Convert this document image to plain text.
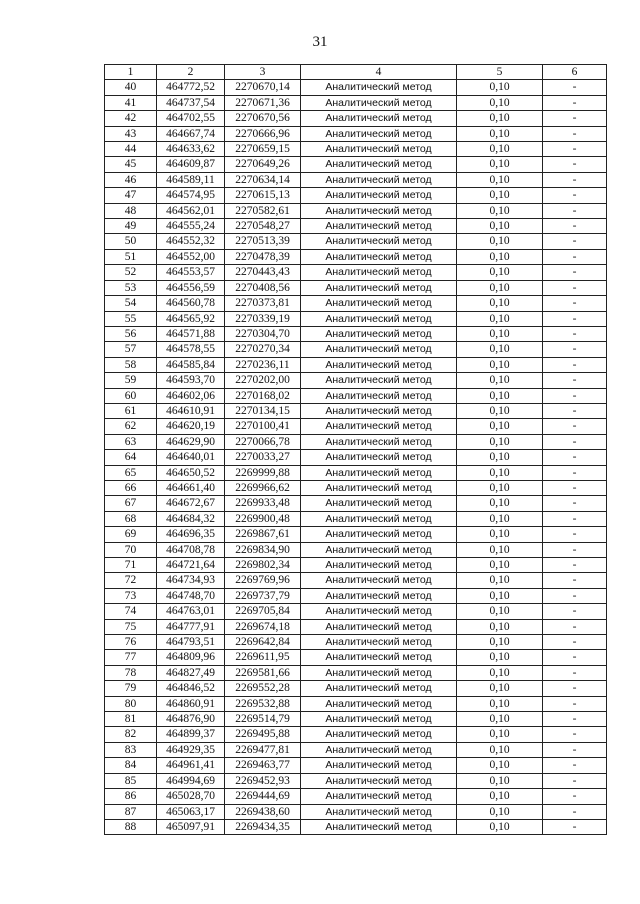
31
1	2	3	4	5	6
40	464772,52	2270670,14	Аналитический метод	0,10	-
41	464737,54	2270671,36	Аналитический метод	0,10	-
42	464702,55	2270670,56	Аналитический метод	0,10	-
43	464667,74	2270666,96	Аналитический метод	0,10	-
44	464633,62	2270659,15	Аналитический метод	0,10	-
45	464609,87	2270649,26	Аналитический метод	0,10	-
46	464589,11	2270634,14	Аналитический метод	0,10	-
47	464574,95	2270615,13	Аналитический метод	0,10	-
48	464562,01	2270582,61	Аналитический метод	0,10	-
49	464555,24	2270548,27	Аналитический метод	0,10	-
50	464552,32	2270513,39	Аналитический метод	0,10	-
51	464552,00	2270478,39	Аналитический метод	0,10	-
52	464553,57	2270443,43	Аналитический метод	0,10	-
53	464556,59	2270408,56	Аналитический метод	0,10	-
54	464560,78	2270373,81	Аналитический метод	0,10	-
55	464565,92	2270339,19	Аналитический метод	0,10	-
56	464571,88	2270304,70	Аналитический метод	0,10	-
57	464578,55	2270270,34	Аналитический метод	0,10	-
58	464585,84	2270236,11	Аналитический метод	0,10	-
59	464593,70	2270202,00	Аналитический метод	0,10	-
60	464602,06	2270168,02	Аналитический метод	0,10	-
61	464610,91	2270134,15	Аналитический метод	0,10	-
62	464620,19	2270100,41	Аналитический метод	0,10	-
63	464629,90	2270066,78	Аналитический метод	0,10	-
64	464640,01	2270033,27	Аналитический метод	0,10	-
65	464650,52	2269999,88	Аналитический метод	0,10	-
66	464661,40	2269966,62	Аналитический метод	0,10	-
67	464672,67	2269933,48	Аналитический метод	0,10	-
68	464684,32	2269900,48	Аналитический метод	0,10	-
69	464696,35	2269867,61	Аналитический метод	0,10	-
70	464708,78	2269834,90	Аналитический метод	0,10	-
71	464721,64	2269802,34	Аналитический метод	0,10	-
72	464734,93	2269769,96	Аналитический метод	0,10	-
73	464748,70	2269737,79	Аналитический метод	0,10	-
74	464763,01	2269705,84	Аналитический метод	0,10	-
75	464777,91	2269674,18	Аналитический метод	0,10	-
76	464793,51	2269642,84	Аналитический метод	0,10	-
77	464809,96	2269611,95	Аналитический метод	0,10	-
78	464827,49	2269581,66	Аналитический метод	0,10	-
79	464846,52	2269552,28	Аналитический метод	0,10	-
80	464860,91	2269532,88	Аналитический метод	0,10	-
81	464876,90	2269514,79	Аналитический метод	0,10	-
82	464899,37	2269495,88	Аналитический метод	0,10	-
83	464929,35	2269477,81	Аналитический метод	0,10	-
84	464961,41	2269463,77	Аналитический метод	0,10	-
85	464994,69	2269452,93	Аналитический метод	0,10	-
86	465028,70	2269444,69	Аналитический метод	0,10	-
87	465063,17	2269438,60	Аналитический метод	0,10	-
88	465097,91	2269434,35	Аналитический метод	0,10	-
